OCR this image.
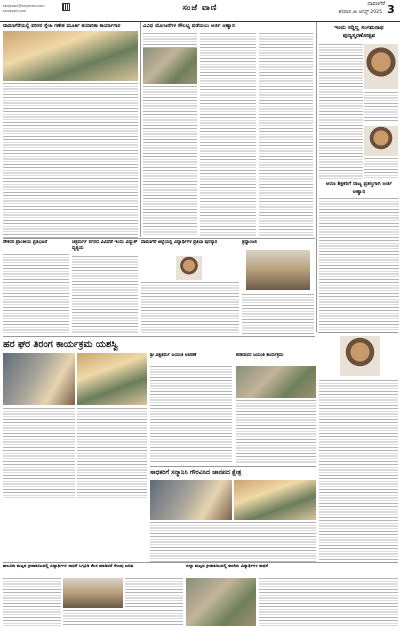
sanjevani@sanjevani.com
sanjevani.com	ಸಂಜೆ ವಾಣಿ	ದಾವಣಗೆರೆ
ಶನಿವಾರ ೨೩ ಆಗಸ್ಟ್ 2025 3
ದಾವಣಗೆರೆಯಲ್ಲಿ ಪರಿಸರ ಸ್ನೇಹಿ ಗಣೇಶ ಮೂರ್ತಿ ತಯಾರಿಕಾ ಕಾರ್ಯಾಗಾರ	ವಿವಿಧ ಯೋಜನೆಗಳ ಸೌಲಭ್ಯ ಪಡೆಯಲು ಅರ್ಜಿ ಆಹ್ವಾನ	ಇಂದು ಸದ್ದಿಲ್ಲ ಸಂಗಮನಾಥ ಪುಣ್ಯಸ್ಮರಣೋತ್ಸವ
ಅರಣ ಶಿಕ್ಷಕರಿಗೆ ರಾಜ್ಯ ಪ್ರಶಸ್ತಿಗಾಗಿ ಅರ್ಜಿ ಆಹ್ವಾನ
ನೌಕರರ ಪ್ರಾಂತೀಯ ಪ್ರತಿಭಟನೆ	ಚಿತ್ರದುರ್ಗ ನಗರದ ವಿವಿಧೆಡೆ ಇಂದು ವಿದ್ಯುತ್ ವ್ಯತ್ಯಯ
ದಾವಣಗೆರೆ ಜಿಲ್ಲೆಯಲ್ಲಿ ವಿದ್ಯಾರ್ಥಿಗಳ ಪ್ರತಿಭಾ ಪುರಸ್ಕಾರ	ಶ್ರದ್ಧಾಂಜಲಿ
ಹರ ಘರ ತಿರಂಗ ಕಾರ್ಯಕ್ರಮ ಯಶಸ್ವಿ
ಶ್ರೀ ವಿಶ್ವಕರ್ಮ ಜಯಂತಿ ಆಚರಣೆ	ಕನಕದಾಸರ ಜಯಂತಿ ಕಾರ್ಯಕ್ರಮ
ಸಾಧಕರಿಗೆ ಸನ್ಮಾನಿಸಿ ಗೌರವಿಸಿದ ಜಾನಪದ ಕ್ಷೇತ್ರ
ತಾಲೂಕು ಮಟ್ಟದ ಕ್ರೀಡಾಕೂಟದಲ್ಲಿ ವಿದ್ಯಾರ್ಥಿಗಳ ಸಾಧನೆ ಒಗ್ಗೂಡಿ ಕೆಲಸ ಮಾಡಿದರೆ ಗೆಲುವು ಖಚಿತ	ಜಿಲ್ಲಾ ಮಟ್ಟದ ಕ್ರೀಡಾಕೂಟದಲ್ಲಿ ಶಾಲೆಯ ವಿದ್ಯಾರ್ಥಿಗಳ ಸಾಧನೆ
